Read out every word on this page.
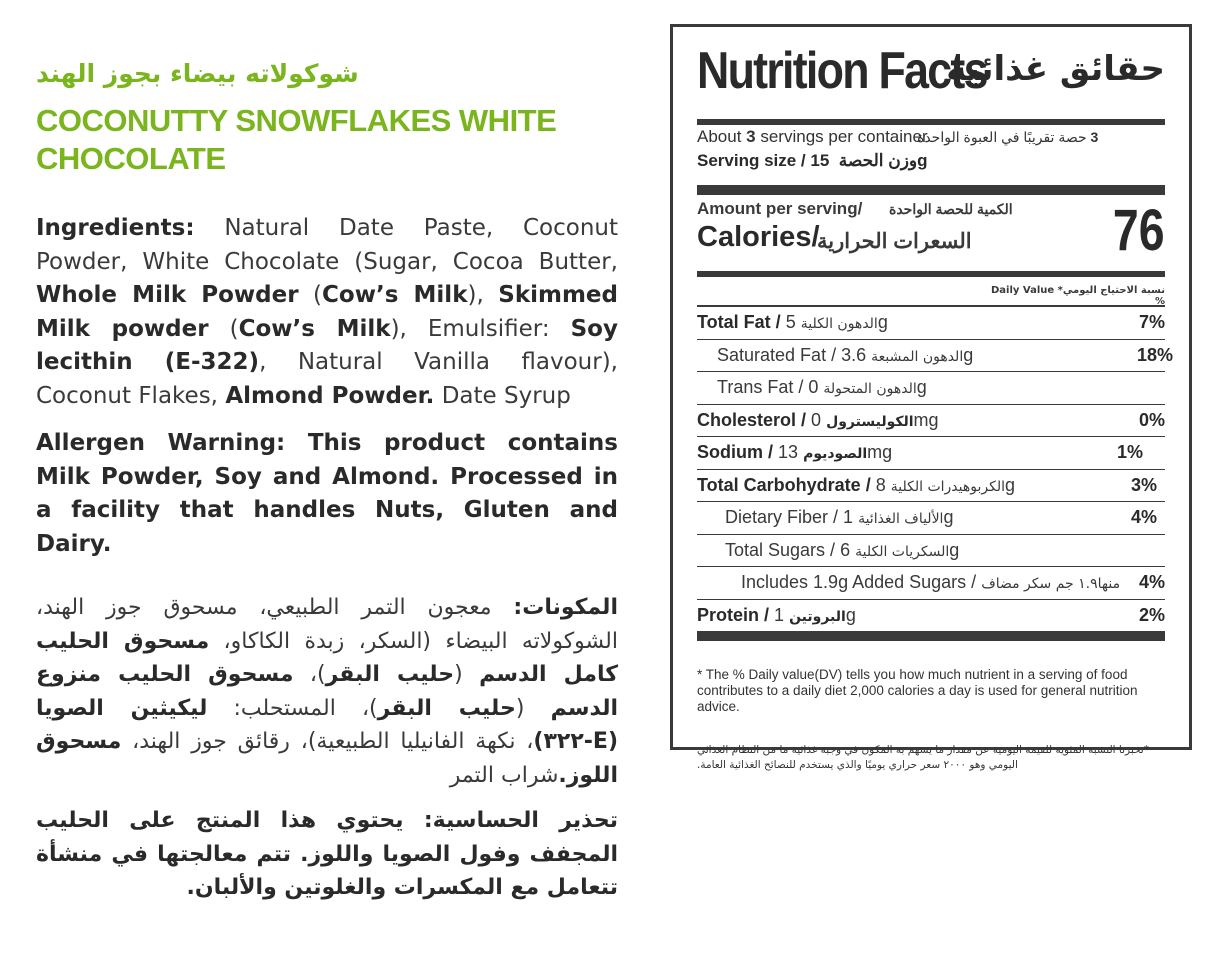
شوكولاته بيضاء بجوز الهند
COCONUTTY SNOWFLAKES WHITE CHOCOLATE
Ingredients: Natural Date Paste, Coconut Powder, White Chocolate (Sugar, Cocoa Butter, Whole Milk Powder (Cow’s Milk), Skimmed Milk powder (Cow’s Milk), Emulsifier: Soy lecithin (E-322), Natural Vanilla flavour), Coconut Flakes, Almond Powder. Date Syrup
Allergen Warning: This product contains Milk Powder, Soy and Almond. Processed in a facility that handles Nuts, Gluten and Dairy.
المكونات: معجون التمر الطبيعي، مسحوق جوز الهند، الشوكولاته البيضاء (السكر، زبدة الكاكاو، مسحوق الحليب كامل الدسم (حليب البقر)، مسحوق الحليب منزوع الدسم (حليب البقر)، المستحلب: ليكيثين الصويا (E-٣٢٢)، نكهة الفانيليا الطبيعية)، رقائق جوز الهند، مسحوق اللوز.شراب التمر
تحذير الحساسية: يحتوي هذا المنتج على الحليب المجفف وفول الصويا واللوز. تتم معالجتها في منشأة تتعامل مع المكسرات والغلوتين والألبان.
Nutrition Facts
حقائق غذائية
About 3 servings per container	3 حصة تقريبًا في العبوة الواحدة
Serving size / وزن الحصة  15g
Amount per serving/ الكمية للحصة الواحدة
Calories/
السعرات الحرارية 76
نسبة الاحتياج اليومي* Daily Value %
Total Fat / الدهون الكلية 5g	7%
Saturated Fat /	الدهون المشبعة 3.6g	18%
Trans Fat / الدهون المتحولة 0g
Cholesterol / الكوليسترول 0mg	0%
Sodium / الصوديوم 13mg	1%
Total Carbohydrate / الكربوهيدرات الكلية 8g	3%
Dietary Fiber / الألياف الغذائية 1g	4%
Total Sugars / السكريات الكلية 6g
Includes 1.9g Added Sugars / منها١.٩ جم سكر مضاف 4%
Protein / البروتين 1g	2%
* The % Daily value(DV) tells you how much nutrient in a serving of food contributes to a daily diet 2,000 calories a day is used for general nutrition advice.
*تخبرنا النسبة المئوية للقيمة اليومية عن مقدار ما يسهم به المكون في وجبة غذائية ما من النظام الغذائي اليومي وهو ٢٠٠٠ سعر حراري يوميًا والذي يستخدم للنصائح الغذائية العامة.
